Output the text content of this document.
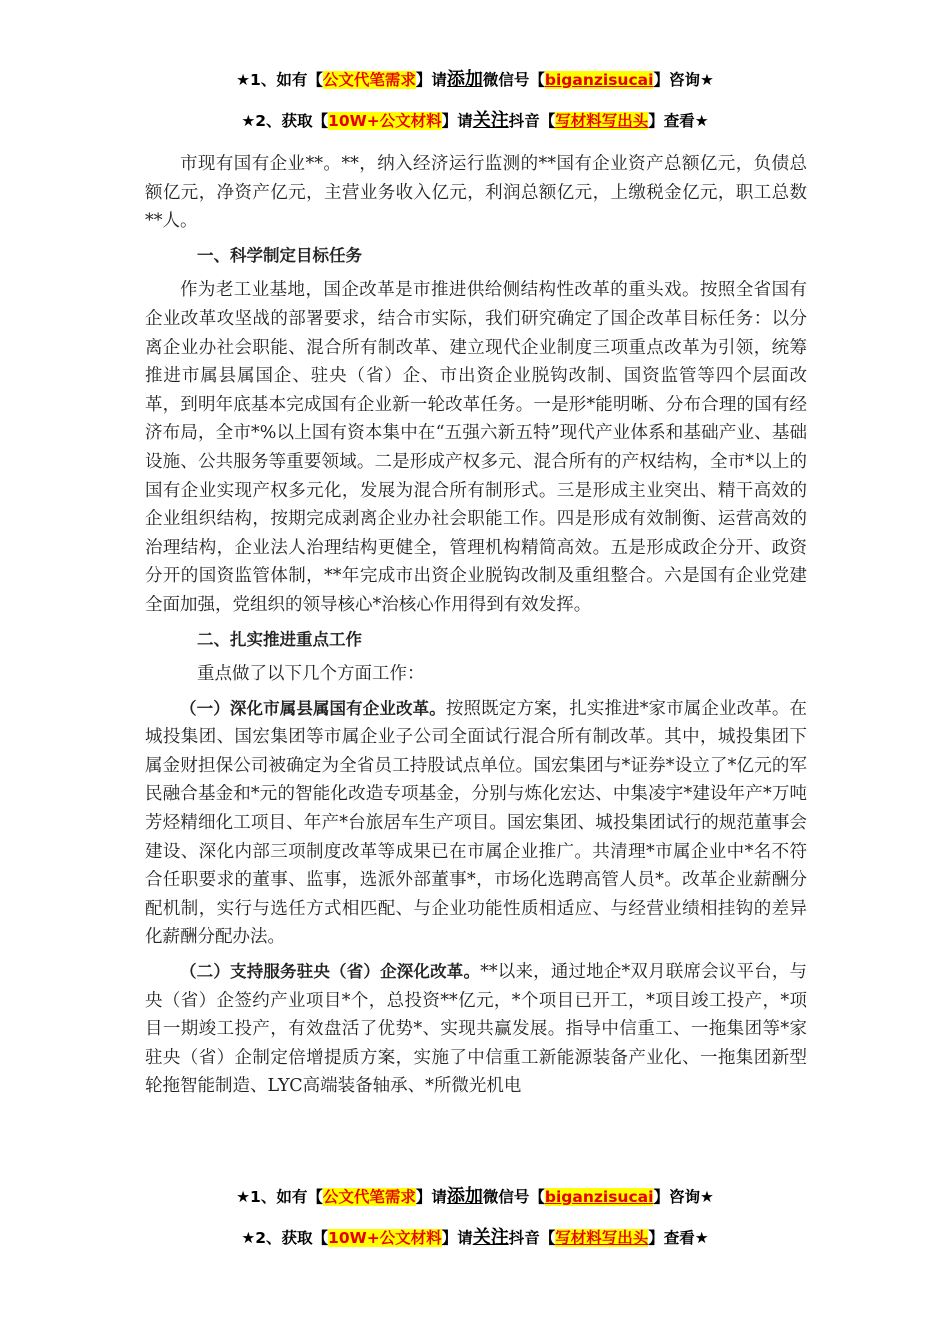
★1、如有【公文代笔需求】请添加微信号【biganzisucai】咨询★
★2、获取【10W+公文材料】请关注抖音【写材料写出头】查看★

市现有国有企业**。**，纳入经济运行监测的**国有企业资产总额亿元，负债总额亿元，净资产亿元，主营业务收入亿元，利润总额亿元，上缴税金亿元，职工总数**人。

一、科学制定目标任务

作为老工业基地，国企改革是市推进供给侧结构性改革的重头戏。按照全省国有企业改革攻坚战的部署要求，结合市实际，我们研究确定了国企改革目标任务：以分离企业办社会职能、混合所有制改革、建立现代企业制度三项重点改革为引领，统筹推进市属县属国企、驻央（省）企、市出资企业脱钩改制、国资监管等四个层面改革，到明年底基本完成国有企业新一轮改革任务。一是形*能明晰、分布合理的国有经济布局，全市*%以上国有资本集中在“五强六新五特”现代产业体系和基础产业、基础设施、公共服务等重要领域。二是形成产权多元、混合所有的产权结构，全市*以上的国有企业实现产权多元化，发展为混合所有制形式。三是形成主业突出、精干高效的企业组织结构，按期完成剥离企业办社会职能工作。四是形成有效制衡、运营高效的治理结构，企业法人治理结构更健全，管理机构精简高效。五是形成政企分开、政资分开的国资监管体制，**年完成市出资企业脱钩改制及重组整合。六是国有企业党建全面加强，党组织的领导核心*治核心作用得到有效发挥。

二、扎实推进重点工作

重点做了以下几个方面工作：

（一）深化市属县属国有企业改革。按照既定方案，扎实推进*家市属企业改革。在城投集团、国宏集团等市属企业子公司全面试行混合所有制改革。其中，城投集团下属金财担保公司被确定为全省员工持股试点单位。国宏集团与*证券*设立了*亿元的军民融合基金和*元的智能化改造专项基金，分别与炼化宏达、中集凌宇*建设年产*万吨芳烃精细化工项目、年产*台旅居车生产项目。国宏集团、城投集团试行的规范董事会建设、深化内部三项制度改革等成果已在市属企业推广。共清理*市属企业中*名不符合任职要求的董事、监事，选派外部董事*，市场化选聘高管人员*。改革企业薪酬分配机制，实行与选任方式相匹配、与企业功能性质相适应、与经营业绩相挂钩的差异化薪酬分配办法。

（二）支持服务驻央（省）企深化改革。**以来，通过地企*双月联席会议平台，与央（省）企签约产业项目*个，总投资**亿元，*个项目已开工，*项目竣工投产，*项目一期竣工投产，有效盘活了优势*、实现共赢发展。指导中信重工、一拖集团等*家驻央（省）企制定倍增提质方案，实施了中信重工新能源装备产业化、一拖集团新型轮拖智能制造、LYC高端装备轴承、*所微光机电

★1、如有【公文代笔需求】请添加微信号【biganzisucai】咨询★
★2、获取【10W+公文材料】请关注抖音【写材料写出头】查看★
